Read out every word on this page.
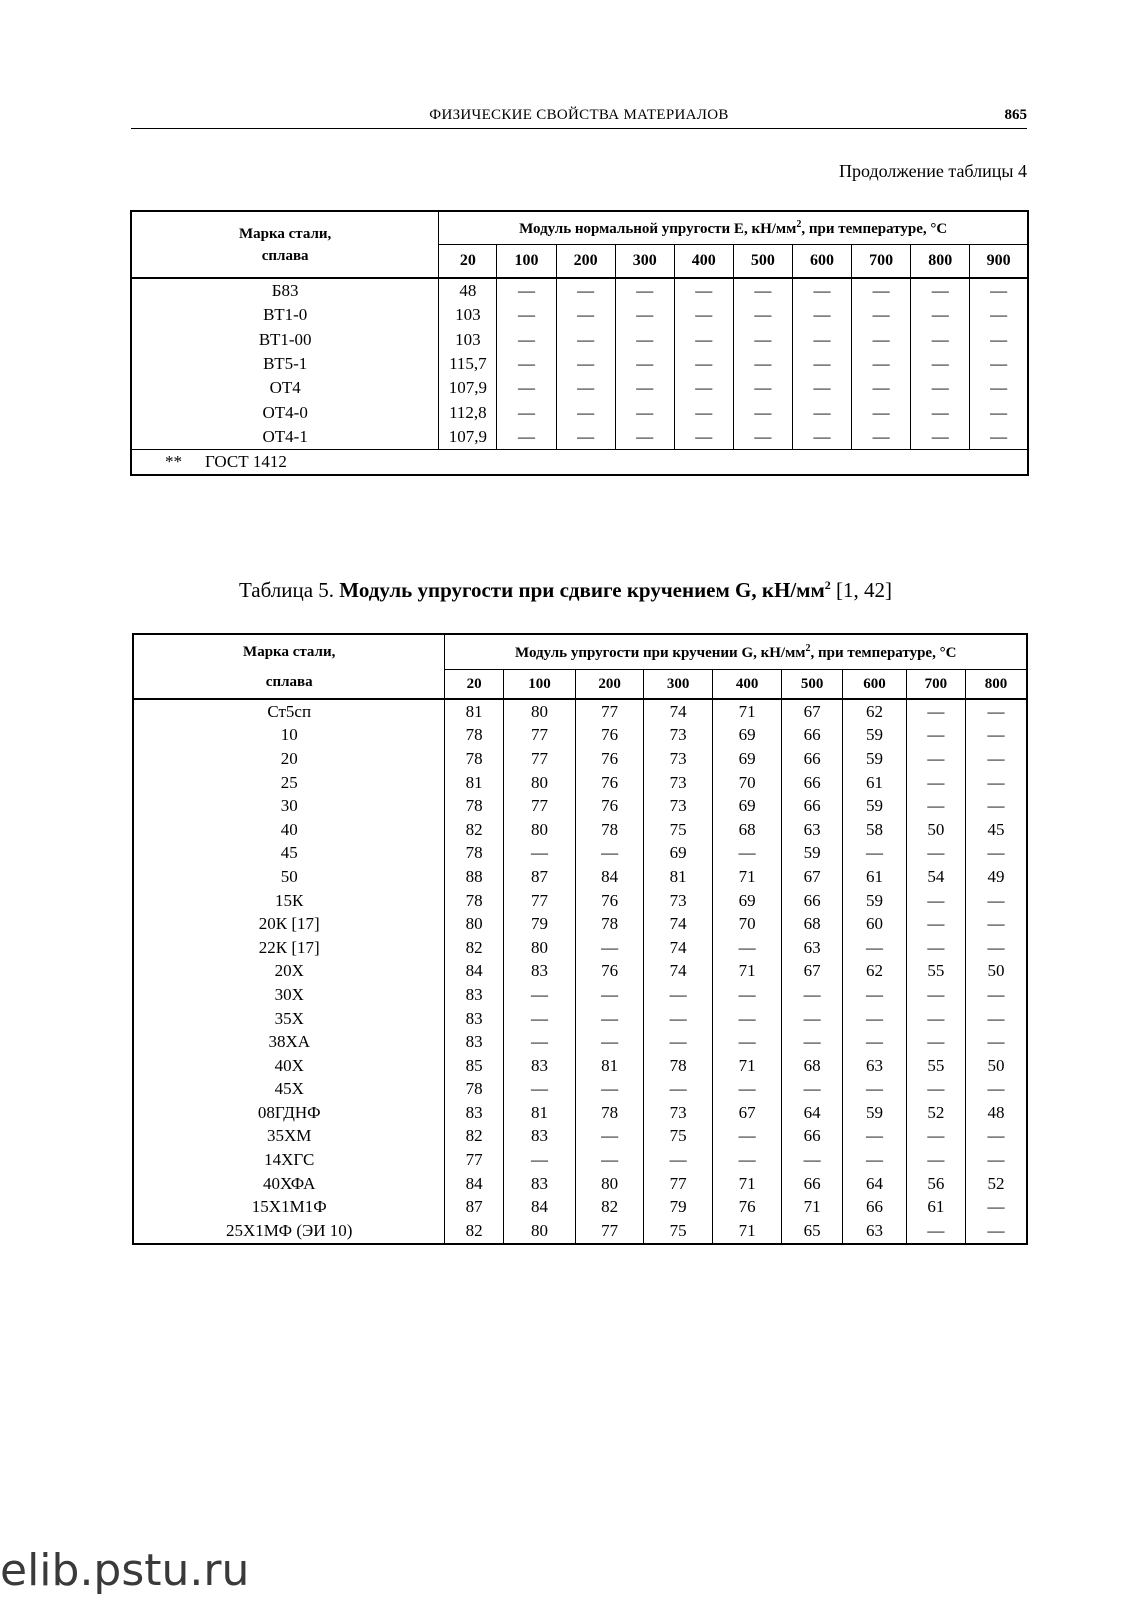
ФИЗИЧЕСКИЕ СВОЙСТВА МАТЕРИАЛОВ	865
Продолжение таблицы 4
Марка стали, сплава	Модуль нормальной упругости E, $кН/мм^2$, при температуре, °С									
	20	100	200	300	400	500	600	700	800	900
Б83	48	—	—	—	—	—	—	—	—	—
ВТ1-0	103	—	—	—	—	—	—	—	—	—
ВТ1-00	103	—	—	—	—	—	—	—	—	—
ВТ5-1	115,7	—	—	—	—	—	—	—	—	—
ОТ4	107,9	—	—	—	—	—	—	—	—	—
ОТ4-0	112,8	—	—	—	—	—	—	—	—	—
ОТ4-1	107,9	—	—	—	—	—	—	—	—	—
** ГОСТ 1412										
Таблица 5. Модуль упругости при сдвиге кручением G, $кН/мм^2$ [1, 42]
Марка стали,
сплава	Модуль упругости при кручении G, $кН/мм^2$, при температуре, °С								
	20	100	200	300	400	500	600	700	800
Ст5сп	81	80	77	74	71	67	62	—	—
10	78	77	76	73	69	66	59	—	—
20	78	77	76	73	69	66	59	—	—
25	81	80	76	73	70	66	61	—	—
30	78	77	76	73	69	66	59	—	—
40	82	80	78	75	68	63	58	50	45
45	78	—	—	69	—	59	—	—	—
50	88	87	84	81	71	67	61	54	49
15К	78	77	76	73	69	66	59	—	—
20К [17]	80	79	78	74	70	68	60	—	—
22К [17]	82	80	—	74	—	63	—	—	—
20Х	84	83	76	74	71	67	62	55	50
30Х	83	—	—	—	—	—	—	—	—
35Х	83	—	—	—	—	—	—	—	—
38ХА	83	—	—	—	—	—	—	—	—
40Х	85	83	81	78	71	68	63	55	50
45Х	78	—	—	—	—	—	—	—	—
08ГДНФ	83	81	78	73	67	64	59	52	48
35ХМ	82	83	—	75	—	66	—	—	—
14ХГС	77	—	—	—	—	—	—	—	—
40ХФА	84	83	80	77	71	66	64	56	52
15Х1М1Ф	87	84	82	79	76	71	66	61	—
25Х1МФ (ЭИ 10)	82	80	77	75	71	65	63	—	—
elib.pstu.ru
